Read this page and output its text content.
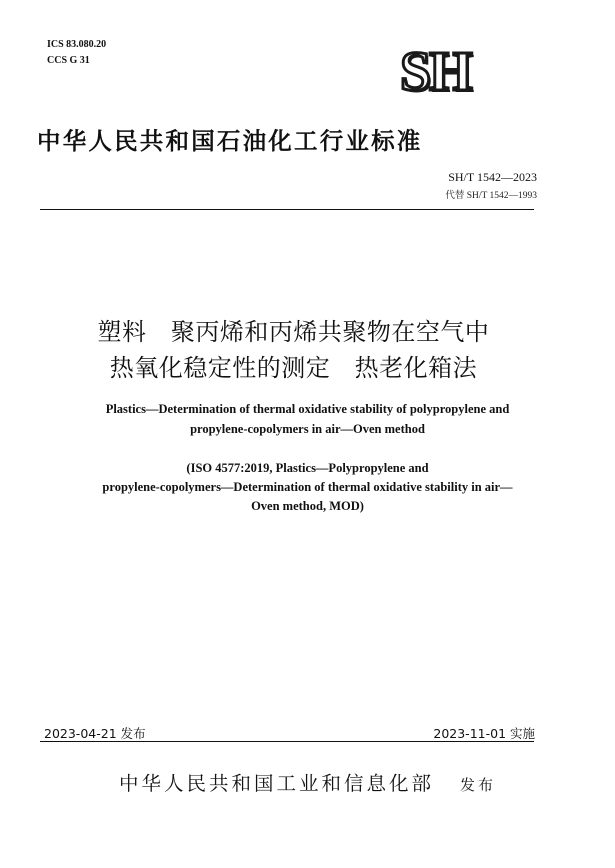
ICS 83.080.20
CCS G 31	SH
中华人民共和国石油化工行业标准
SH/T 1542—2023
代替 SH/T 1542—1993
塑料   聚丙烯和丙烯共聚物在空气中
热氧化稳定性的测定   热老化箱法
Plastics—Determination of thermal oxidative stability of polypropylene and
propylene-copolymers in air—Oven method
(ISO 4577:2019, Plastics—Polypropylene and
propylene-copolymers—Determination of thermal oxidative stability in air—
Oven method, MOD)
2023-04-21 发布	2023-11-01 实施
中华人民共和国工业和信息化部 发布
